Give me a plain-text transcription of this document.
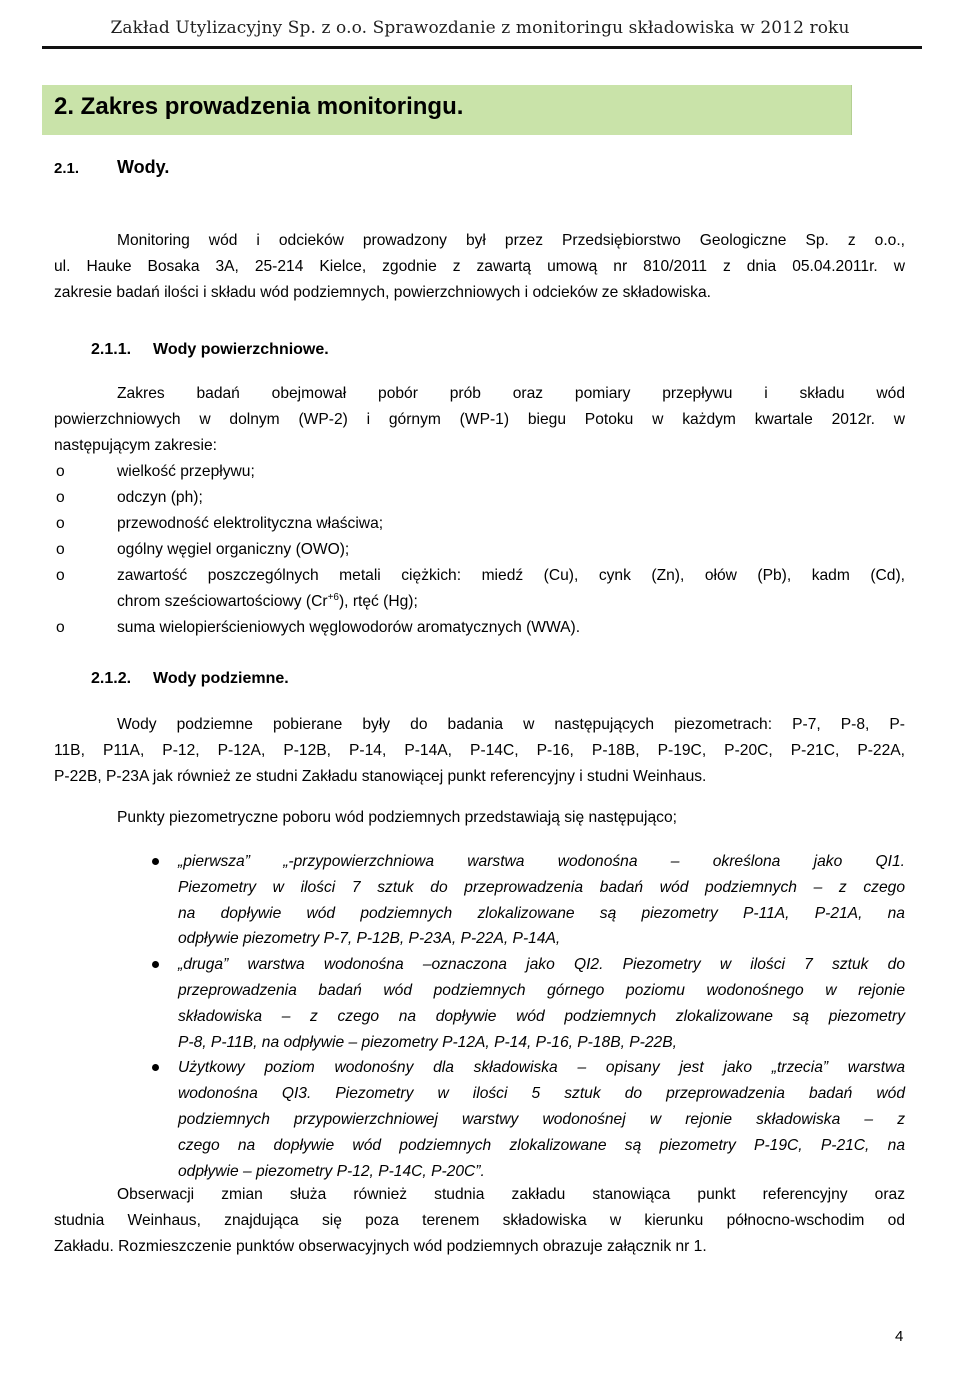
Zakład Utylizacyjny Sp. z o.o. Sprawozdanie z monitoringu składowiska w 2012 roku
2. Zakres prowadzenia monitoringu.
2.1. Wody.

Monitoring wód i odcieków prowadzony był przez Przedsiębiorstwo Geologiczne Sp. z o.o.,
ul. Hauke Bosaka 3A, 25-214 Kielce, zgodnie z zawartą umową nr 810/2011 z dnia 05.04.2011r. w
zakresie badań ilości i składu wód podziemnych, powierzchniowych i odcieków ze składowiska.

2.1.1. Wody powierzchniowe.

Zakres badań obejmował pobór prób oraz pomiary przepływu i składu wód
powierzchniowych w dolnym (WP-2) i górnym (WP-1) biegu Potoku w każdym kwartale 2012r. w
następującym zakresie:

o	wielkość przepływu;
o	odczyn (ph);
o	przewodność elektrolityczna właściwa;
o	ogólny węgiel organiczny (OWO);
o	zawartość poszczególnych metali ciężkich: miedź (Cu), cynk (Zn), ołów (Pb), kadm (Cd),
chrom sześciowartościowy $(Cr^{+6})$, rtęć (Hg);
o	suma wielopierścieniowych węglowodorów aromatycznych (WWA).
2.1.2. Wody podziemne.

Wody podziemne pobierane były do badania w następujących piezometrach: P-7, P-8, P-
11B, P11A, P-12, P-12A, P-12B, P-14, P-14A, P-14C, P-16, P-18B, P-19C, P-20C, P-21C, P-22A,
P-22B, P-23A jak również ze studni Zakładu stanowiącej punkt referencyjny i studni Weinhaus.

Punkty piezometryczne poboru wód podziemnych przedstawiają się następująco;

„pierwsza” „-przypowierzchniowa warstwa wodonośna – określona jako QI1.
Piezometry w ilości 7 sztuk do przeprowadzenia badań wód podziemnych – z czego
na dopływie wód podziemnych zlokalizowane są piezometry P-11A, P-21A, na
odpływie piezometry P-7, P-12B, P-23A, P-22A, P-14A,
„druga” warstwa wodonośna –oznaczona jako QI2. Piezometry w ilości 7 sztuk do
przeprowadzenia badań wód podziemnych górnego poziomu wodonośnego w rejonie
składowiska – z czego na dopływie wód podziemnych zlokalizowane są piezometry
P-8, P-11B, na odpływie – piezometry P-12A, P-14, P-16, P-18B, P-22B,
Użytkowy poziom wodonośny dla składowiska – opisany jest jako „trzecia” warstwa
wodonośna QI3. Piezometry w ilości 5 sztuk do przeprowadzenia badań wód
podziemnych przypowierzchniowej warstwy wodonośnej w rejonie składowiska – z
czego na dopływie wód podziemnych zlokalizowane są piezometry P-19C, P-21C, na
odpływie – piezometry P-12, P-14C, P-20C”.

Obserwacji zmian służa również studnia zakładu stanowiąca punkt referencyjny oraz
studnia Weinhaus, znajdująca się poza terenem składowiska w kierunku północno-wschodim od
Zakładu. Rozmieszczenie punktów obserwacyjnych wód podziemnych obrazuje załącznik nr 1.

4
